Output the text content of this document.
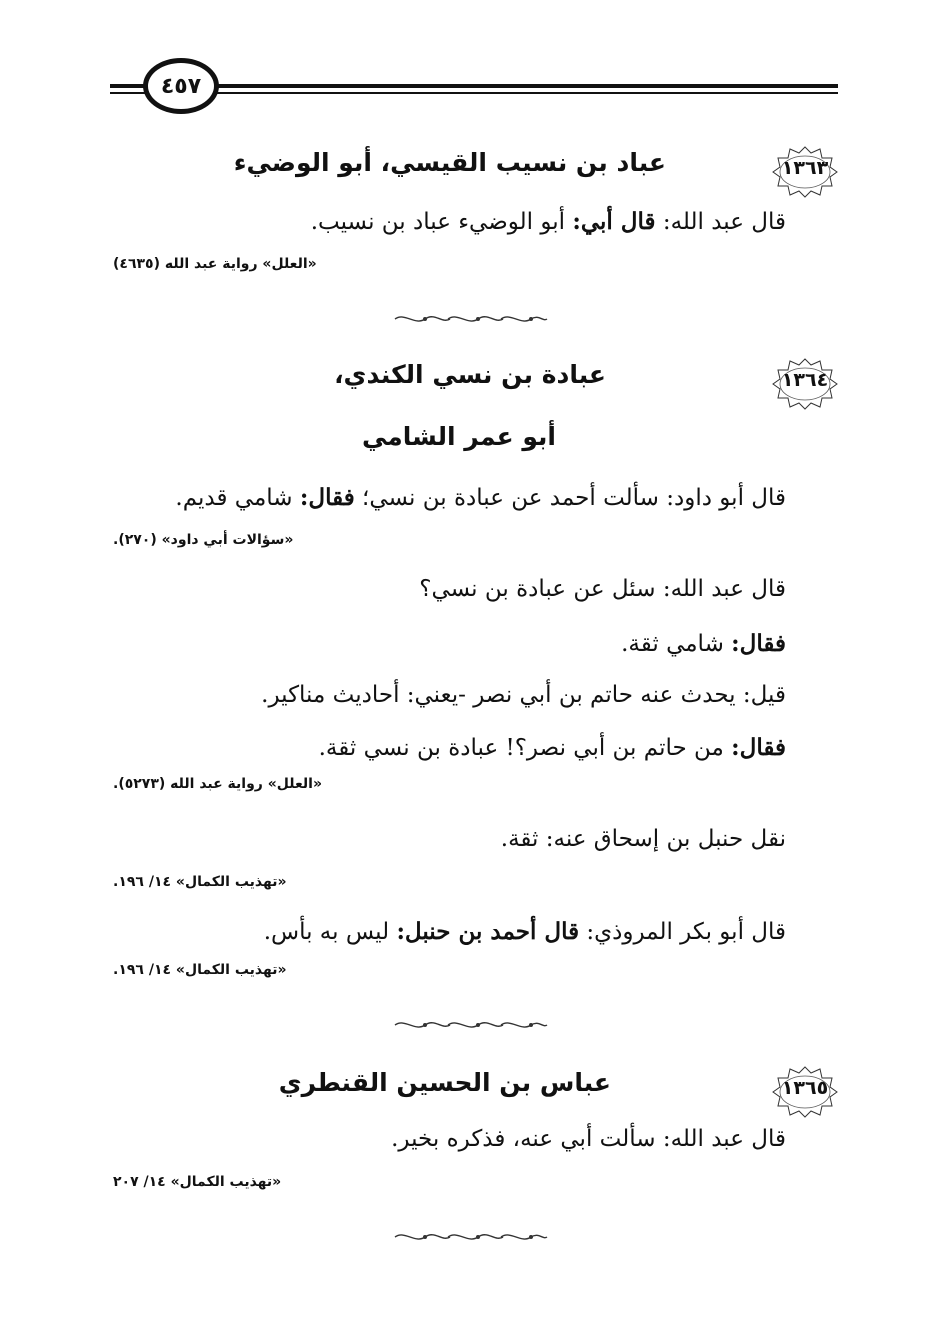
٤٥٧
١٣٦٣
عباد بن نسيب القيسي، أبو الوضيء
قال عبد الله: قال أبي: أبو الوضيء عباد بن نسيب.
«العلل» رواية عبد الله (٤٦٣٥)
١٣٦٤
عبادة بن نسي الكندي،
أبو عمر الشامي
قال أبو داود: سألت أحمد عن عبادة بن نسي؛ فقال: شامي قديم.
«سؤالات أبي داود» (٢٧٠).
قال عبد الله: سئل عن عبادة بن نسي؟
فقال: شامي ثقة.
قيل: يحدث عنه حاتم بن أبي نصر -يعني: أحاديث مناكير.
فقال: من حاتم بن أبي نصر؟! عبادة بن نسي ثقة.
«العلل» رواية عبد الله (٥٢٧٣).
نقل حنبل بن إسحاق عنه: ثقة.
«تهذيب الكمال» ١٤/ ١٩٦.
قال أبو بكر المروذي: قال أحمد بن حنبل: ليس به بأس.
«تهذيب الكمال» ١٤/ ١٩٦.
١٣٦٥
عباس بن الحسين القنطري
قال عبد الله: سألت أبي عنه، فذكره بخير.
«تهذيب الكمال» ١٤/ ٢٠٧
